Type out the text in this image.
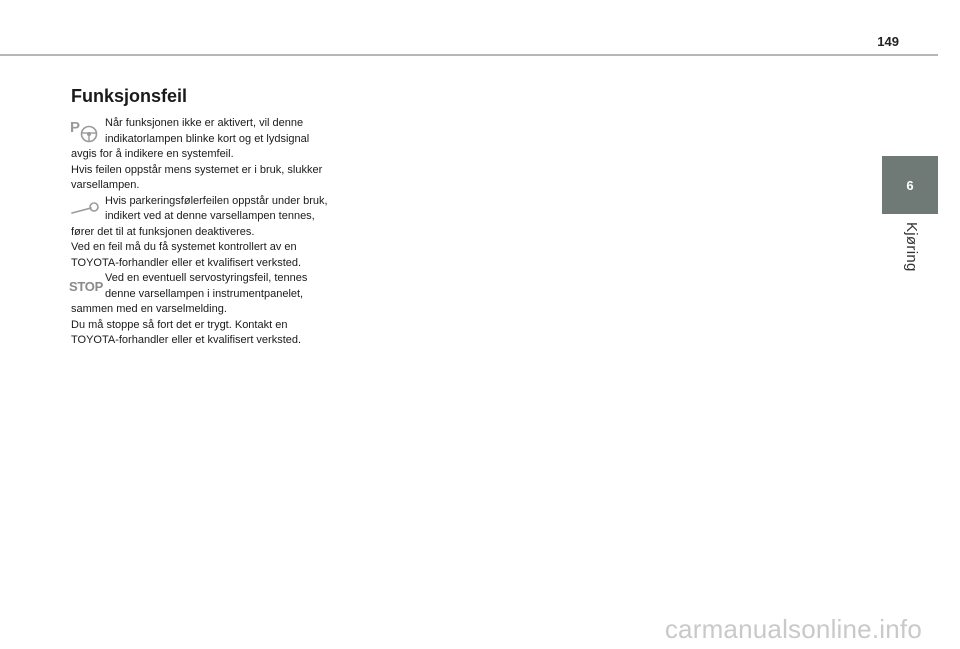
149
6
Kjøring
Funksjonsfeil

P Når funksjonen ikke er aktivert, vil denne indikatorlampen blinke kort og et lydsignal avgis for å indikere en systemfeil.

Hvis feilen oppstår mens systemet er i bruk, slukker varsellampen.

Hvis parkeringsfølerfeilen oppstår under bruk, indikert ved at denne varsellampen tennes, fører det til at funksjonen deaktiveres.

Ved en feil må du få systemet kontrollert av en TOYOTA-forhandler eller et kvalifisert verksted.

STOP
Ved en eventuell servostyringsfeil, tennes denne varsellampen i instrumentpanelet, sammen med en varselmelding.

Du må stoppe så fort det er trygt. Kontakt en TOYOTA-forhandler eller et kvalifisert verksted.

carmanualsonline.info
